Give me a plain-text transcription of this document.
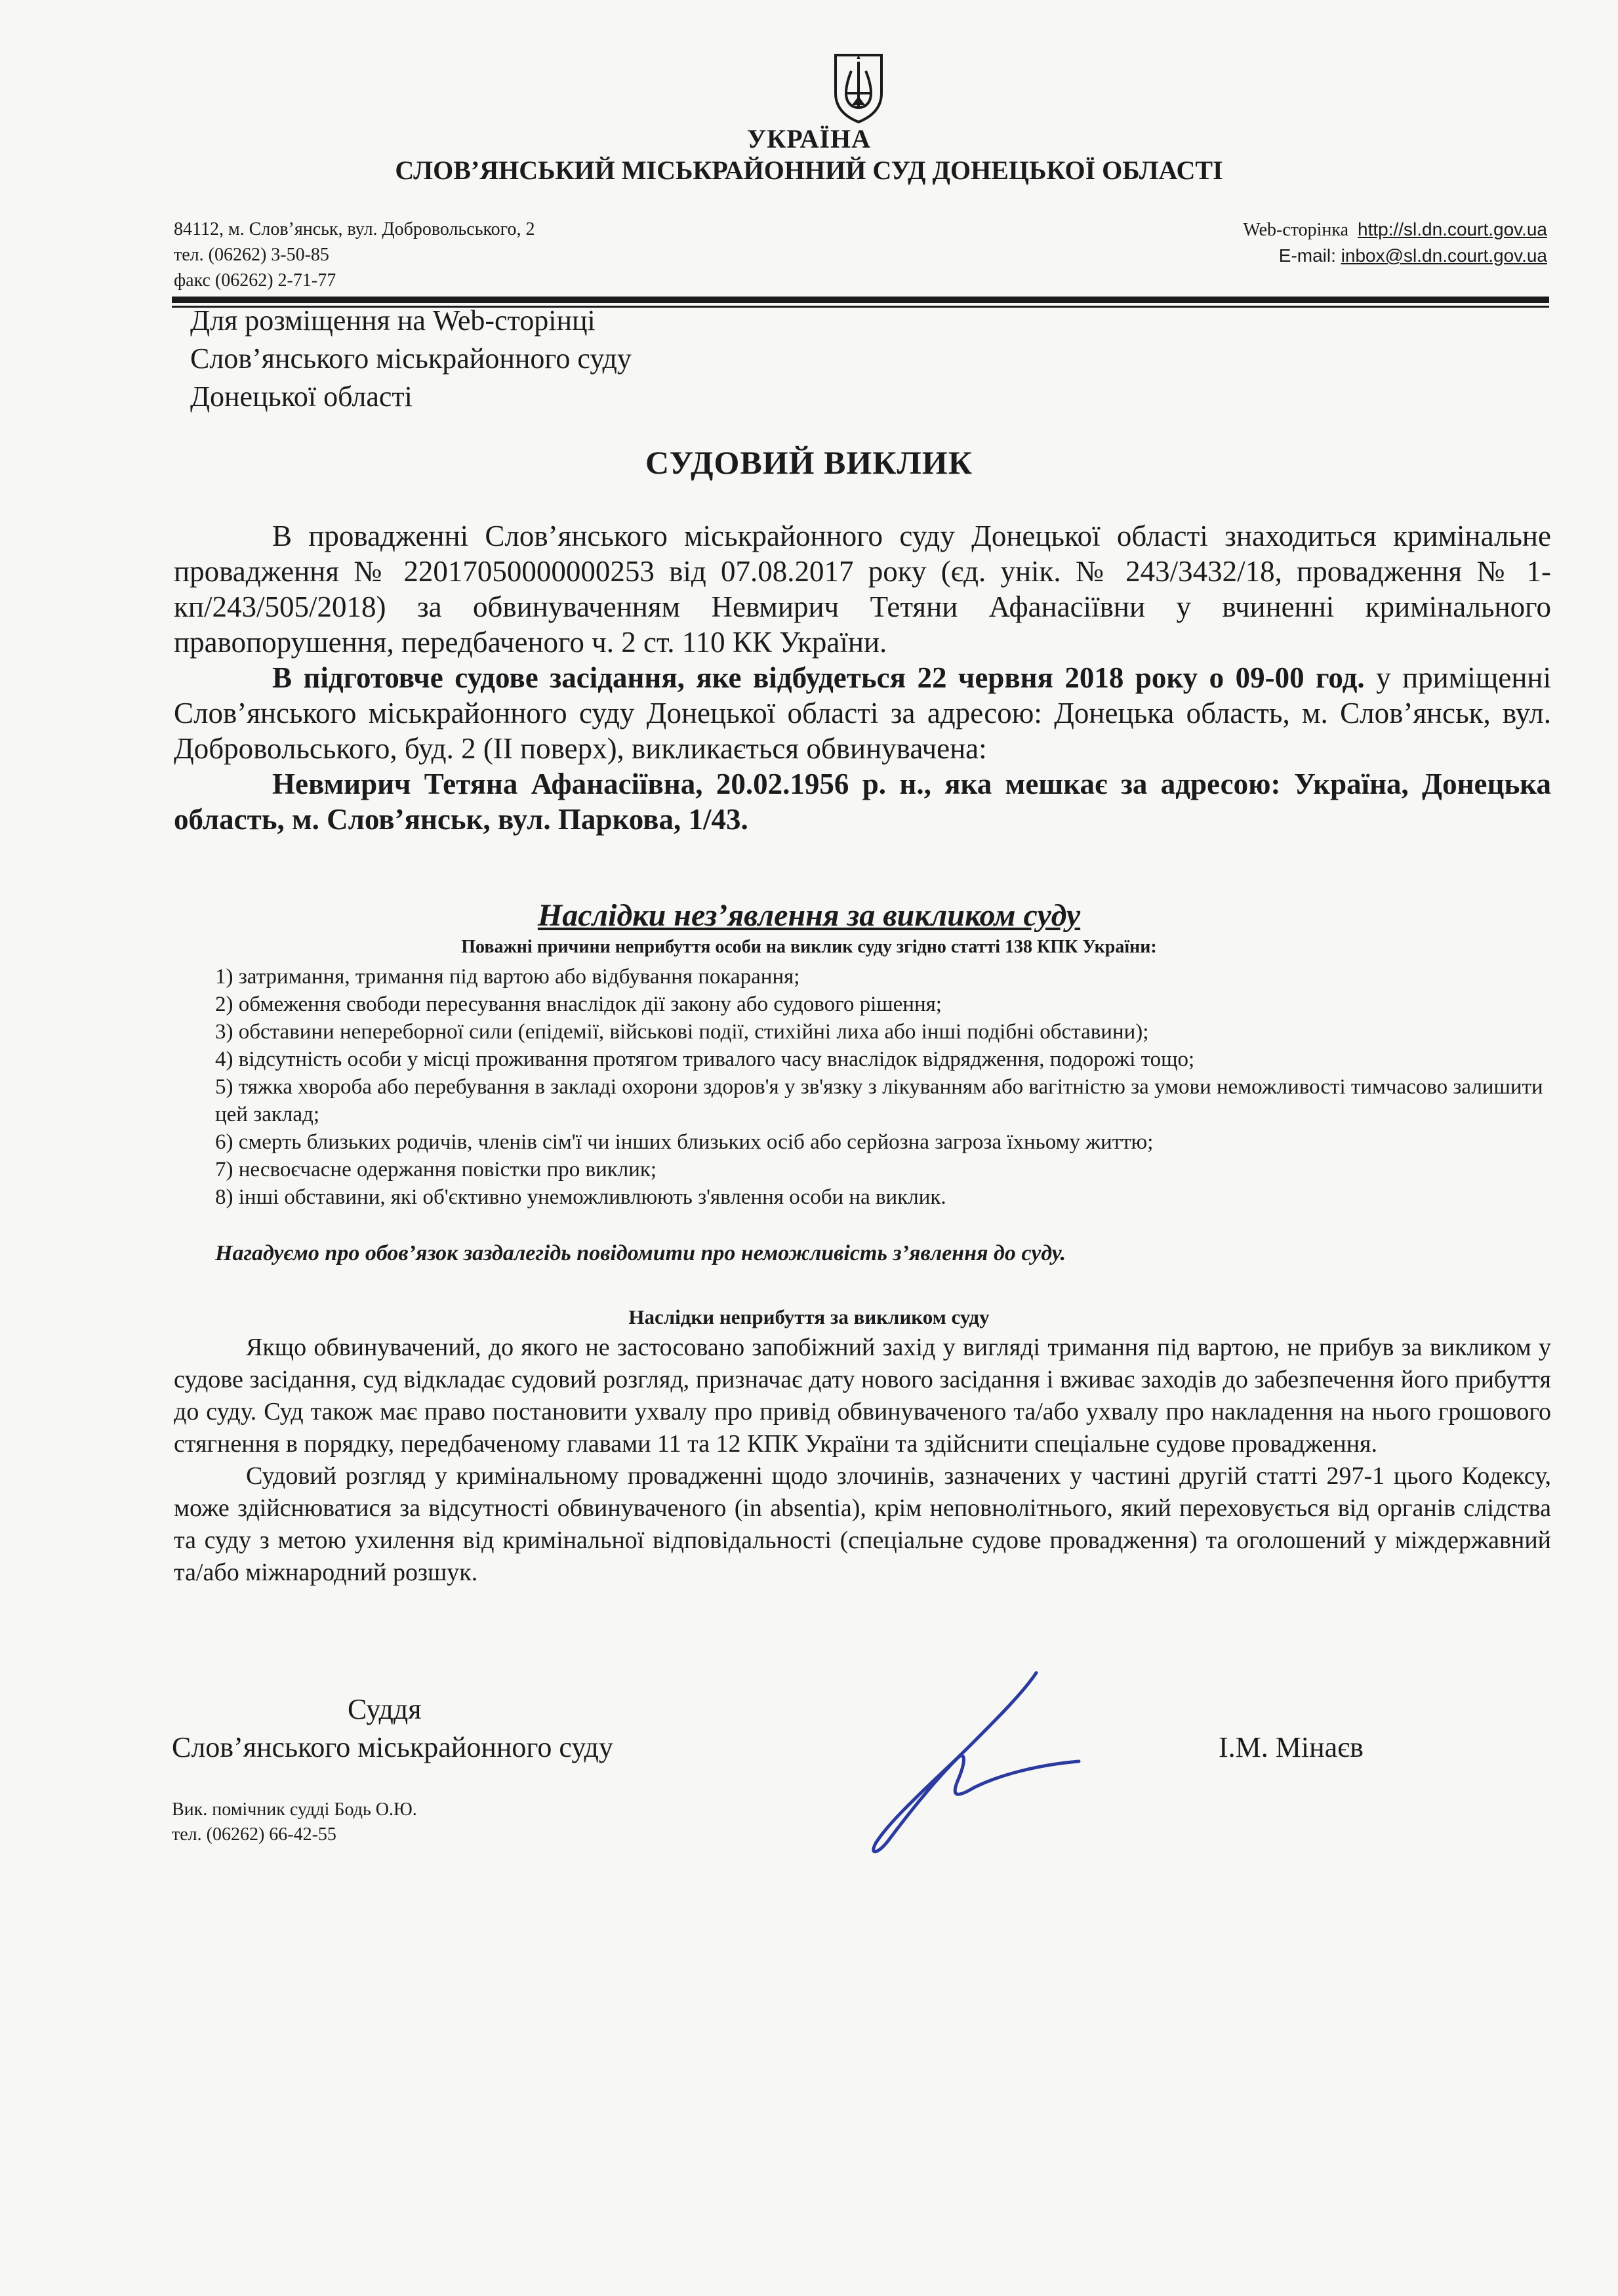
УКРАЇНА
СЛОВ’ЯНСЬКИЙ МІСЬКРАЙОННИЙ СУД ДОНЕЦЬКОЇ ОБЛАСТІ
84112, м. Слов’янськ, вул. Добровольського, 2
тел. (06262) 3-50-85
факс (06262) 2-71-77
Web-сторінка http://sl.dn.court.gov.ua
E-mail: inbox@sl.dn.court.gov.ua
Для розміщення на Web-сторінці
Слов’янського міськрайонного суду
Донецької області
СУДОВИЙ ВИКЛИК

В провадженні Слов’янського міськрайонного суду Донецької області знаходиться кримінальне провадження № 22017050000000253 від 07.08.2017 року (єд. унік. № 243/3432/18, провадження № 1-кп/243/505/2018) за обвинуваченням Невмирич Тетяни Афанасіївни у вчиненні кримінального правопорушення, передбаченого ч. 2 ст. 110 КК України.

В підготовче судове засідання, яке відбудеться 22 червня 2018 року о 09-00 год. у приміщенні Слов’янського міськрайонного суду Донецької області за адресою: Донецька область, м. Слов’янськ, вул. Добровольського, буд. 2 (ІІ поверх), викликається обвинувачена:

Невмирич Тетяна Афанасіївна, 20.02.1956 р. н., яка мешкає за адресою: Україна, Донецька область, м. Слов’янськ, вул. Паркова, 1/43.

Наслідки нез’явлення за викликом суду
Поважні причини неприбуття особи на виклик суду згідно статті 138 КПК України:
1) затримання, тримання під вартою або відбування покарання;
2) обмеження свободи пересування внаслідок дії закону або судового рішення;
3) обставини непереборної сили (епідемії, військові події, стихійні лиха або інші подібні обставини);
4) відсутність особи у місці проживання протягом тривалого часу внаслідок відрядження, подорожі тощо;
5) тяжка хвороба або перебування в закладі охорони здоров'я у зв'язку з лікуванням або вагітністю за умови неможливості тимчасово залишити цей заклад;
6) смерть близьких родичів, членів сім'ї чи інших близьких осіб або серйозна загроза їхньому життю;
7) несвоєчасне одержання повістки про виклик;
8) інші обставини, які об'єктивно унеможливлюють з'явлення особи на виклик.
Нагадуємо про обов’язок заздалегідь повідомити про неможливість з’явлення до суду.
Наслідки неприбуття за викликом суду

Якщо обвинувачений, до якого не застосовано запобіжний захід у вигляді тримання під вартою, не прибув за викликом у судове засідання, суд відкладає судовий розгляд, призначає дату нового засідання і вживає заходів до забезпечення його прибуття до суду. Суд також має право постановити ухвалу про привід обвинуваченого та/або ухвалу про накладення на нього грошового стягнення в порядку, передбаченому главами 11 та 12 КПК України та здійснити спеціальне судове провадження.

Судовий розгляд у кримінальному провадженні щодо злочинів, зазначених у частині другій статті 297-1 цього Кодексу, може здійснюватися за відсутності обвинуваченого (in absentia), крім неповнолітнього, який переховується від органів слідства та суду з метою ухилення від кримінальної відповідальності (спеціальне судове провадження) та оголошений у міждержавний та/або міжнародний розшук.

Суддя
Слов’янського міськрайонного суду	І.М. Мінаєв
Вик. помічник судді Бодь О.Ю.
тел. (06262) 66-42-55
